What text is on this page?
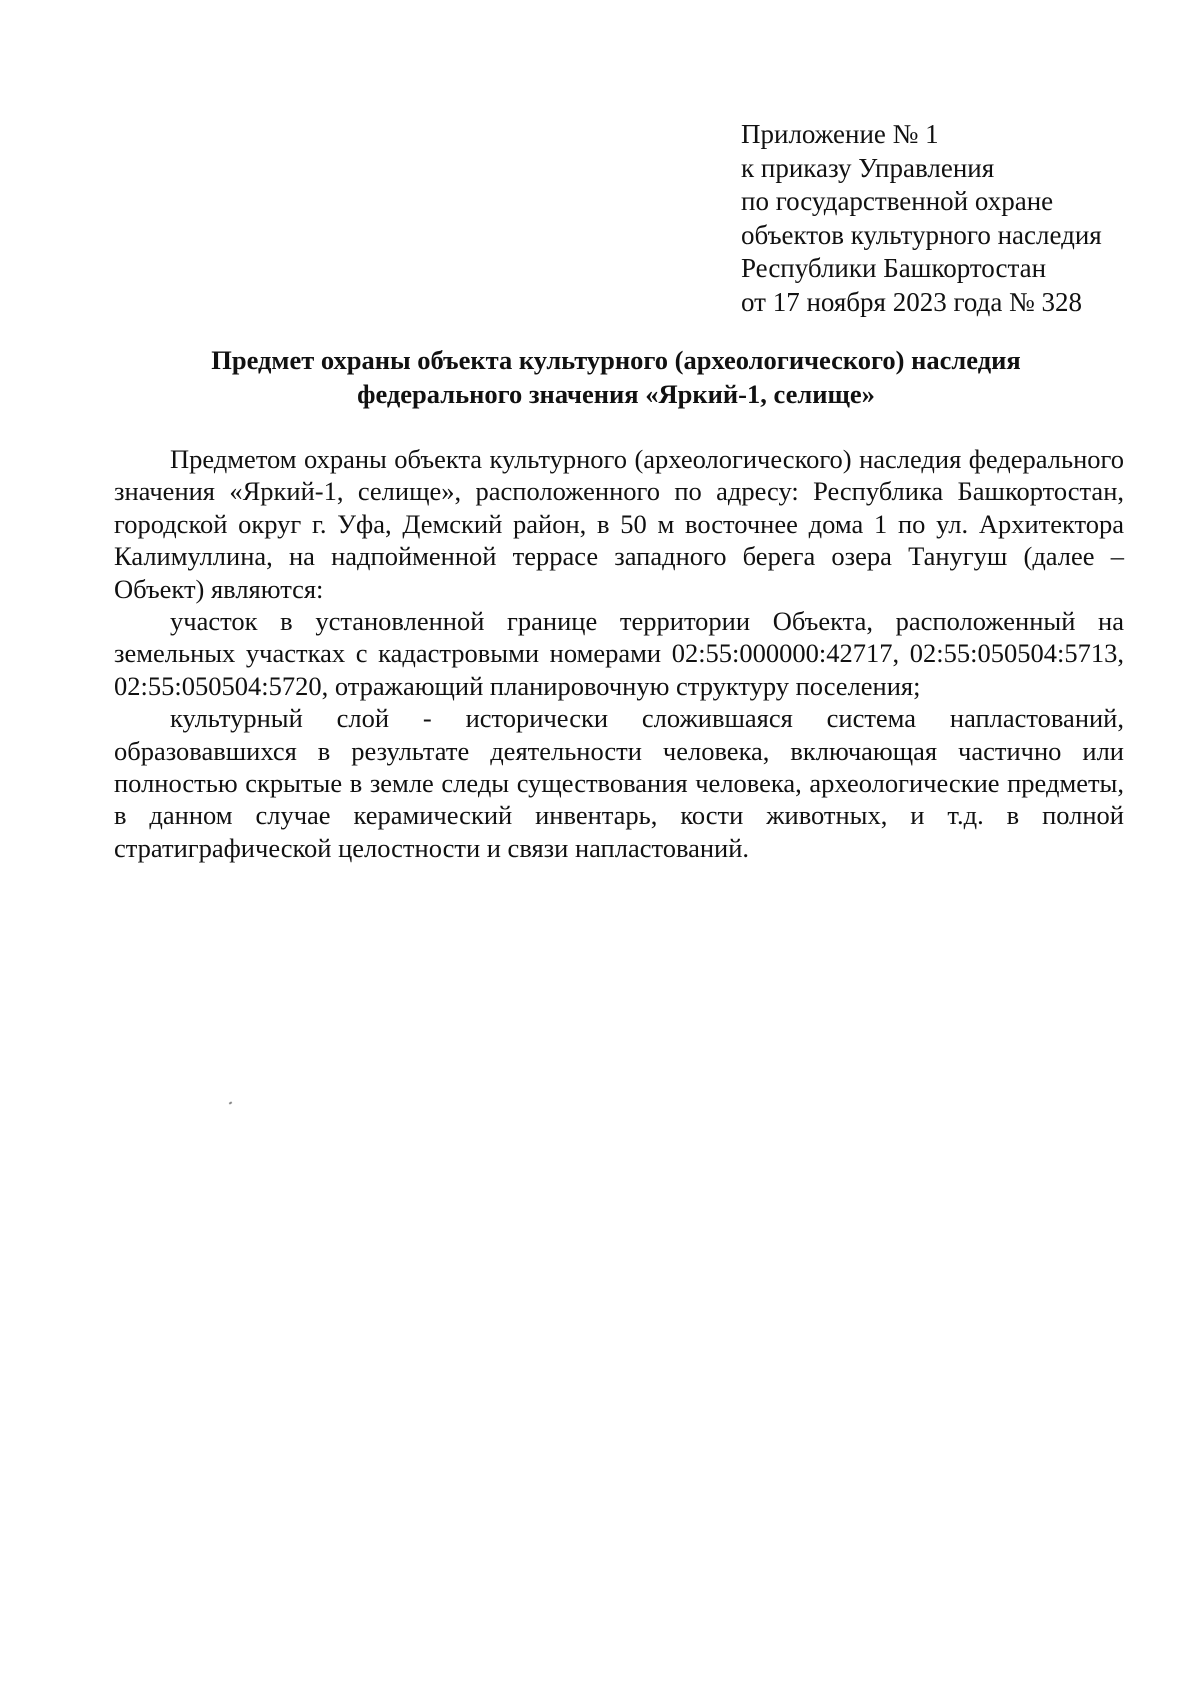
Приложение № 1
к приказу Управления
по государственной охране
объектов культурного наследия
Республики Башкортостан
от 17 ноября 2023 года № 328
Предмет охраны объекта культурного (археологического) наследия
федерального значения «Яркий-1, селище»

Предметом охраны объекта культурного (археологического) наследия федерального значения «Яркий-1, селище», расположенного по адресу: Республика Башкортостан, городской округ г. Уфа, Демский район, в 50 м восточнее дома 1 по ул. Архитектора Калимуллина, на надпойменной террасе западного берега озера Танугуш (далее – Объект) являются:

участок в установленной границе территории Объекта, расположенный на земельных участках с кадастровыми номерами 02:55:000000:42717, 02:55:050504:5713, 02:55:050504:5720, отражающий планировочную структуру поселения;

культурный слой - исторически сложившаяся система напластований, образовавшихся в результате деятельности человека, включающая частично или полностью скрытые в земле следы существования человека, археологические предметы, в данном случае керамический инвентарь, кости животных, и т.д. в полной стратиграфической целостности и связи напластований.
